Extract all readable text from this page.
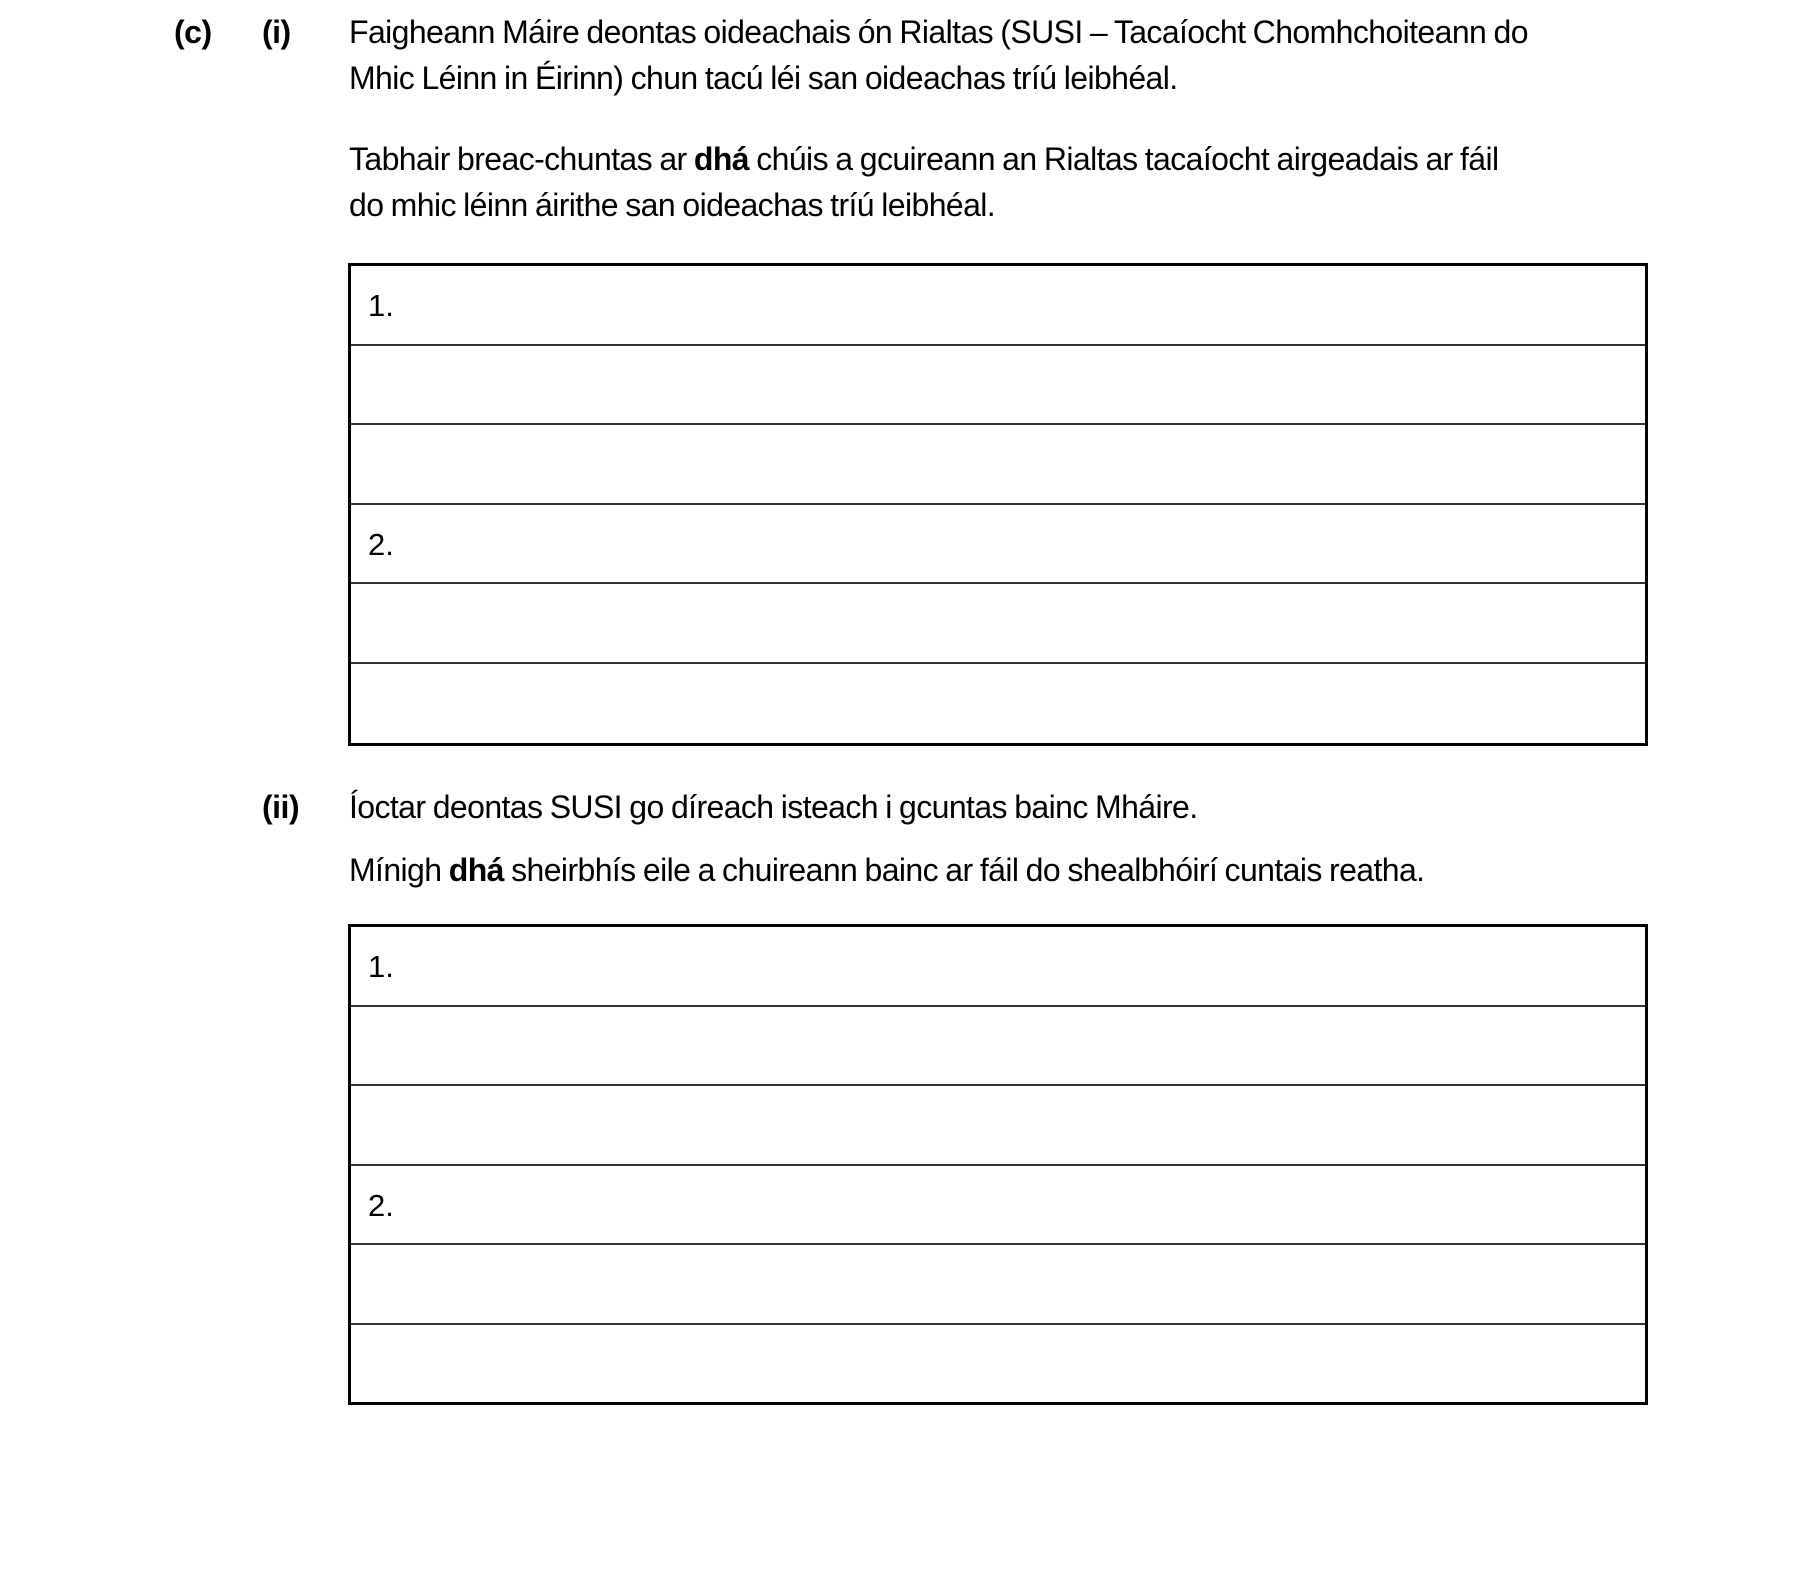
(c) (i) Faigheann Máire deontas oideachais ón Rialtas (SUSI – Tacaíocht Chomhchoiteann do
Mhic Léinn in Éirinn) chun tacú léi san oideachas tríú leibhéal.
Tabhair breac-chuntas ar dhá chúis a gcuireann an Rialtas tacaíocht airgeadais ar fáil
do mhic léinn áirithe san oideachas tríú leibhéal.
1.
2.
(ii) Íoctar deontas SUSI go díreach isteach i gcuntas bainc Mháire.
Mínigh dhá sheirbhís eile a chuireann bainc ar fáil do shealbhóirí cuntais reatha.
1.
2.
